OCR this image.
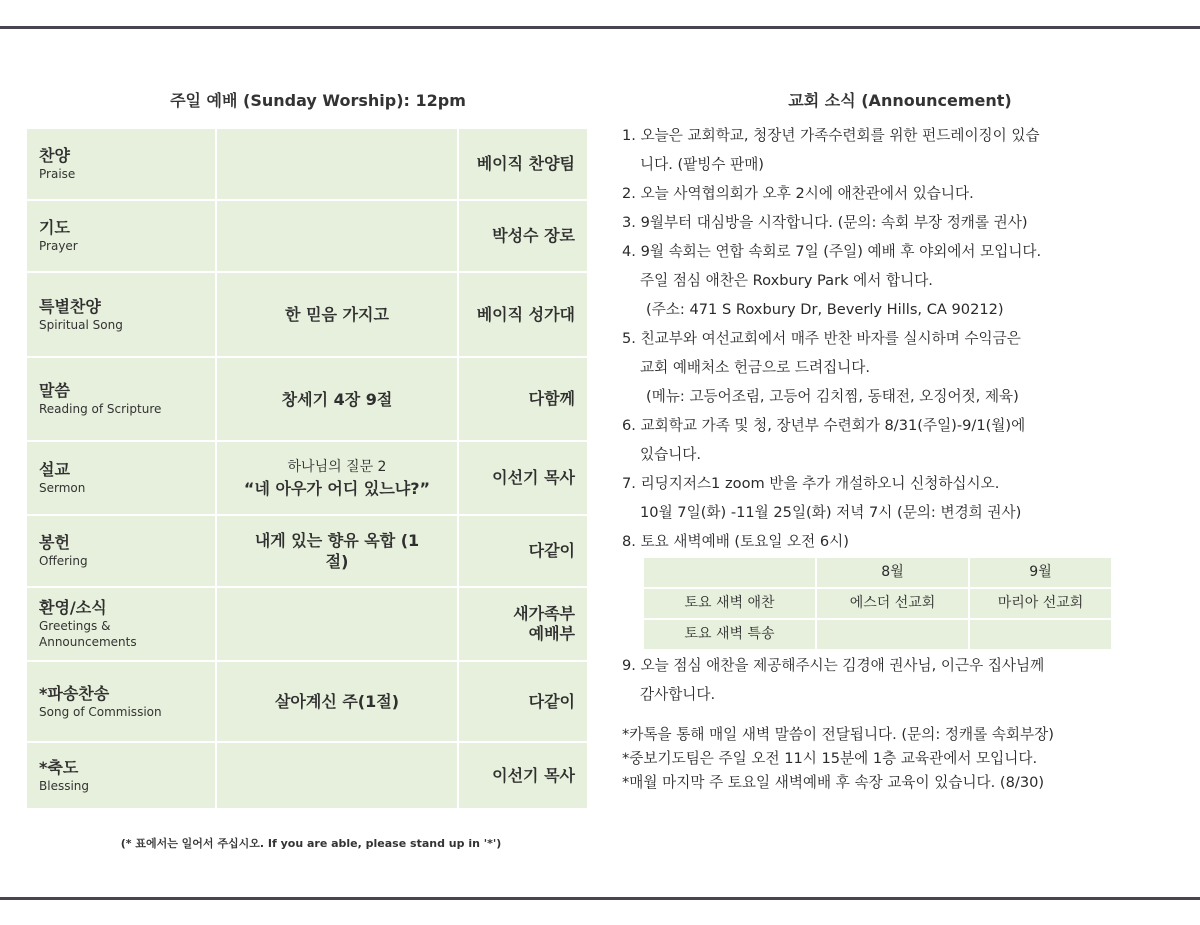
주일 예배 (Sunday Worship): 12pm
찬양
Praise		베이직 찬양팀

기도
Prayer		박성수 장로

특별찬양
Spiritual Song	한 믿음 가지고	베이직 성가대

말씀
Reading of Scripture	창세기 4장 9절	다함께

설교
Sermon	하나님의 질문 2
“네 아우가 어디 있느냐?”	이선기 목사

봉헌
Offering	내게 있는 향유 옥합 (1절)	다같이

환영/소식
Greetings & Announcements		새가족부 예배부

*파송찬송
Song of Commission	살아계신 주(1절)	다같이

*축도
Blessing		이선기 목사
(* 표에서는 일어서 주십시오. If you are able, please stand up in '*')
교회 소식 (Announcement)
1. 오늘은 교회학교, 청장년 가족수련회를 위한 펀드레이징이 있습
니다. (팥빙수 판매)
2. 오늘 사역협의회가 오후 2시에 애찬관에서 있습니다.
3. 9월부터 대심방을 시작합니다. (문의: 속회 부장 정캐롤 권사)
4. 9월 속회는 연합 속회로 7일 (주일) 예배 후 야외에서 모입니다.
주일 점심 애찬은 Roxbury Park 에서 합니다.
(주소: 471 S Roxbury Dr, Beverly Hills, CA 90212)
5. 친교부와 여선교회에서 매주 반찬 바자를 실시하며 수익금은
교회 예배처소 헌금으로 드려집니다.
(메뉴: 고등어조림, 고등어 김치찜, 동태전, 오징어젓, 제육)
6. 교회학교 가족 및 청, 장년부 수련회가 8/31(주일)-9/1(월)에
있습니다.
7. 리딩지저스1 zoom 반을 추가 개설하오니 신청하십시오.
10월 7일(화) -11월 25일(화) 저녁 7시 (문의: 변경희 권사)
8. 토요 새벽예배 (토요일 오전 6시)
	8월	9월
토요 새벽 애찬	에스더 선교회	마리아 선교회
토요 새벽 특송		
9. 오늘 점심 애찬을 제공해주시는 김경애 권사님, 이근우 집사님께
감사합니다.
*카톡을 통해 매일 새벽 말씀이 전달됩니다. (문의: 정캐롤 속회부장)
*중보기도팀은 주일 오전 11시 15분에 1층 교육관에서 모입니다.
*매월 마지막 주 토요일 새벽예배 후 속장 교육이 있습니다. (8/30)
